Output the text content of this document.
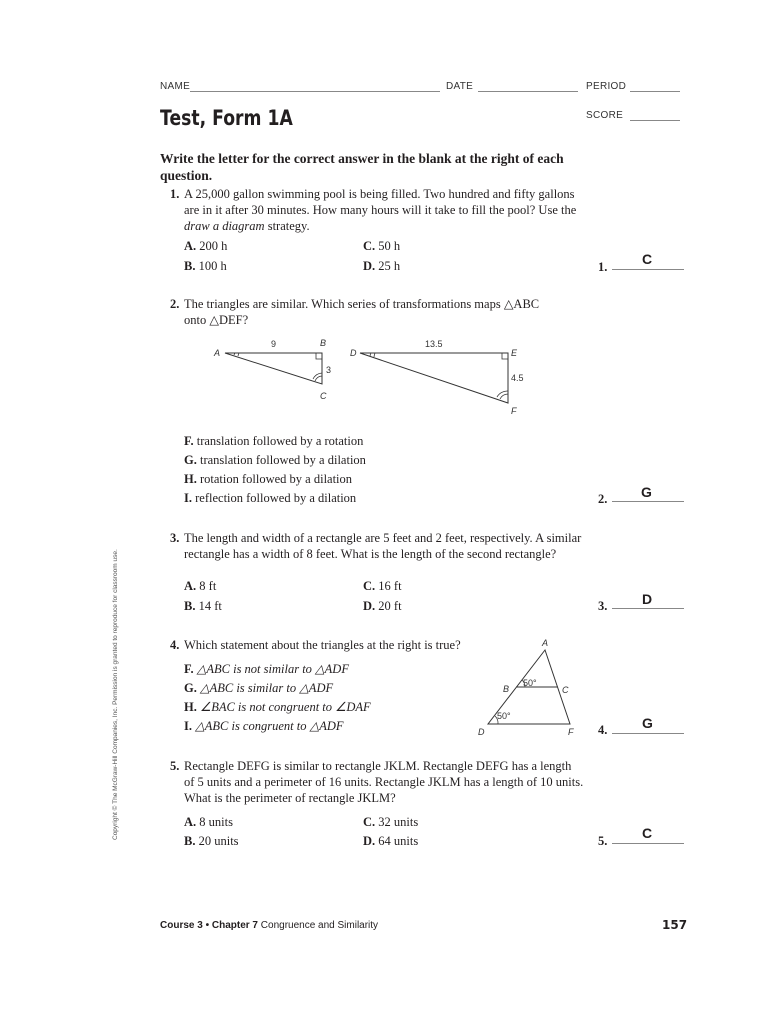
NAME	DATE	PERIOD
Test, Form 1A	SCORE
Write the letter for the correct answer in the blank at the right of each question.
1. A 25,000 gallon swimming pool is being filled. Two hundred and fifty gallons are in it after 30 minutes. How many hours will it take to fill the pool? Use the draw a diagram strategy.
A. 200 h	C. 50 h
B. 100 h	D. 25 h	1. C
2. The triangles are similar. Which series of transformations maps △ABC onto △DEF?
A
B
C
9
3
D	E
F
13.5
4.5
F. translation followed by a rotation
G. translation followed by a dilation
H. rotation followed by a dilation
I. reflection followed by a dilation	2. G
3. The length and width of a rectangle are 5 feet and 2 feet, respectively. A similar rectangle has a width of 8 feet. What is the length of the second rectangle?
A. 8 ft	C. 16 ft
B. 14 ft	D. 20 ft	3. D
4. Which statement about the triangles at the right is true?
F. △ABC is not similar to △ADF
G. △ABC is similar to △ADF
H. ∠BAC is not congruent to ∠DAF
I. △ABC is congruent to △ADF
A
B	C
D	F
50°
50°
4. G
5. Rectangle DEFG is similar to rectangle JKLM. Rectangle DEFG has a length of 5 units and a perimeter of 16 units. Rectangle JKLM has a length of 10 units. What is the perimeter of rectangle JKLM?
A. 8 units	C. 32 units
B. 20 units	D. 64 units	5. C
Copyright © The McGraw-Hill Companies, Inc. Permission is granted to reproduce for classroom use.
Course 3 • Chapter 7 Congruence and Similarity	157
